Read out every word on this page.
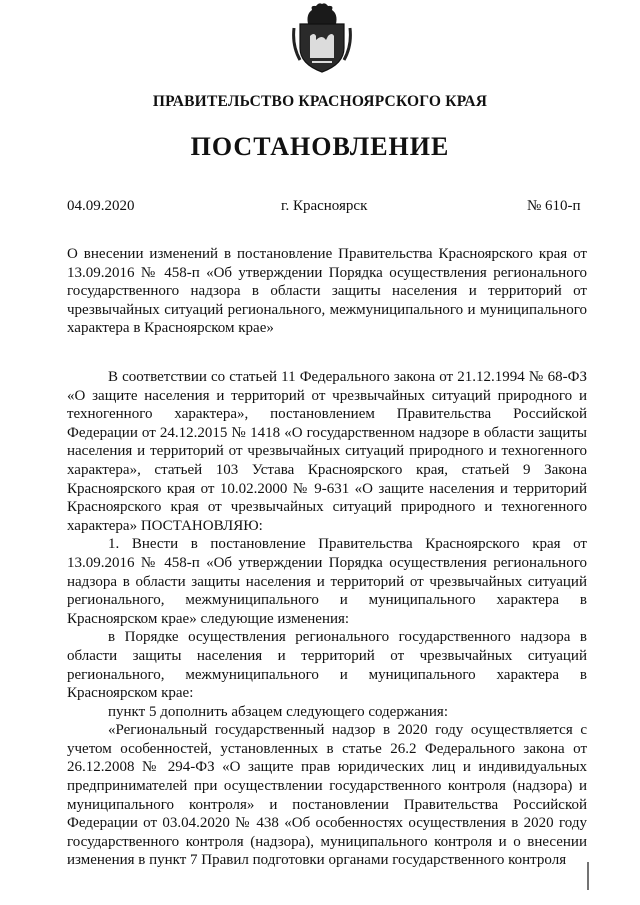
ПРАВИТЕЛЬСТВО КРАСНОЯРСКОГО КРАЯ
ПОСТАНОВЛЕНИЕ
04.09.2020	г. Красноярск	№ 610-п

О внесении изменений в постановление Правительства Красноярского края от 13.09.2016 № 458-п «Об утверждении Порядка осуществления регионального государственного надзора в области защиты населения и территорий от чрезвычайных ситуаций регионального, межмуниципального и муниципального характера в Красноярском крае»

В соответствии со статьей 11 Федерального закона от 21.12.1994 № 68-ФЗ «О защите населения и территорий от чрезвычайных ситуаций природного и техногенного характера», постановлением Правительства Российской Федерации от 24.12.2015 № 1418 «О государственном надзоре в области защиты населения и территорий от чрезвычайных ситуаций природного и техногенного характера», статьей 103 Устава Красноярского края, статьей 9 Закона Красноярского края от 10.02.2000 № 9-631 «О защите населения и территорий Красноярского края от чрезвычайных ситуаций природного и техногенного характера» ПОСТАНОВЛЯЮ:

1. Внести в постановление Правительства Красноярского края от 13.09.2016 № 458-п «Об утверждении Порядка осуществления регионального надзора в области защиты населения и территорий от чрезвычайных ситуаций регионального, межмуниципального и муниципального характера в Красноярском крае» следующие изменения:

в Порядке осуществления регионального государственного надзора в области защиты населения и территорий от чрезвычайных ситуаций регионального, межмуниципального и муниципального характера в Красноярском крае:

пункт 5 дополнить абзацем следующего содержания:

«Региональный государственный надзор в 2020 году осуществляется с учетом особенностей, установленных в статье 26.2 Федерального закона от 26.12.2008 № 294-ФЗ «О защите прав юридических лиц и индивидуальных предпринимателей при осуществлении государственного контроля (надзора) и муниципального контроля» и постановлении Правительства Российской Федерации от 03.04.2020 № 438 «Об особенностях осуществления в 2020 году государственного контроля (надзора), муниципального контроля и о внесении изменения в пункт 7 Правил подготовки органами государственного контроля
